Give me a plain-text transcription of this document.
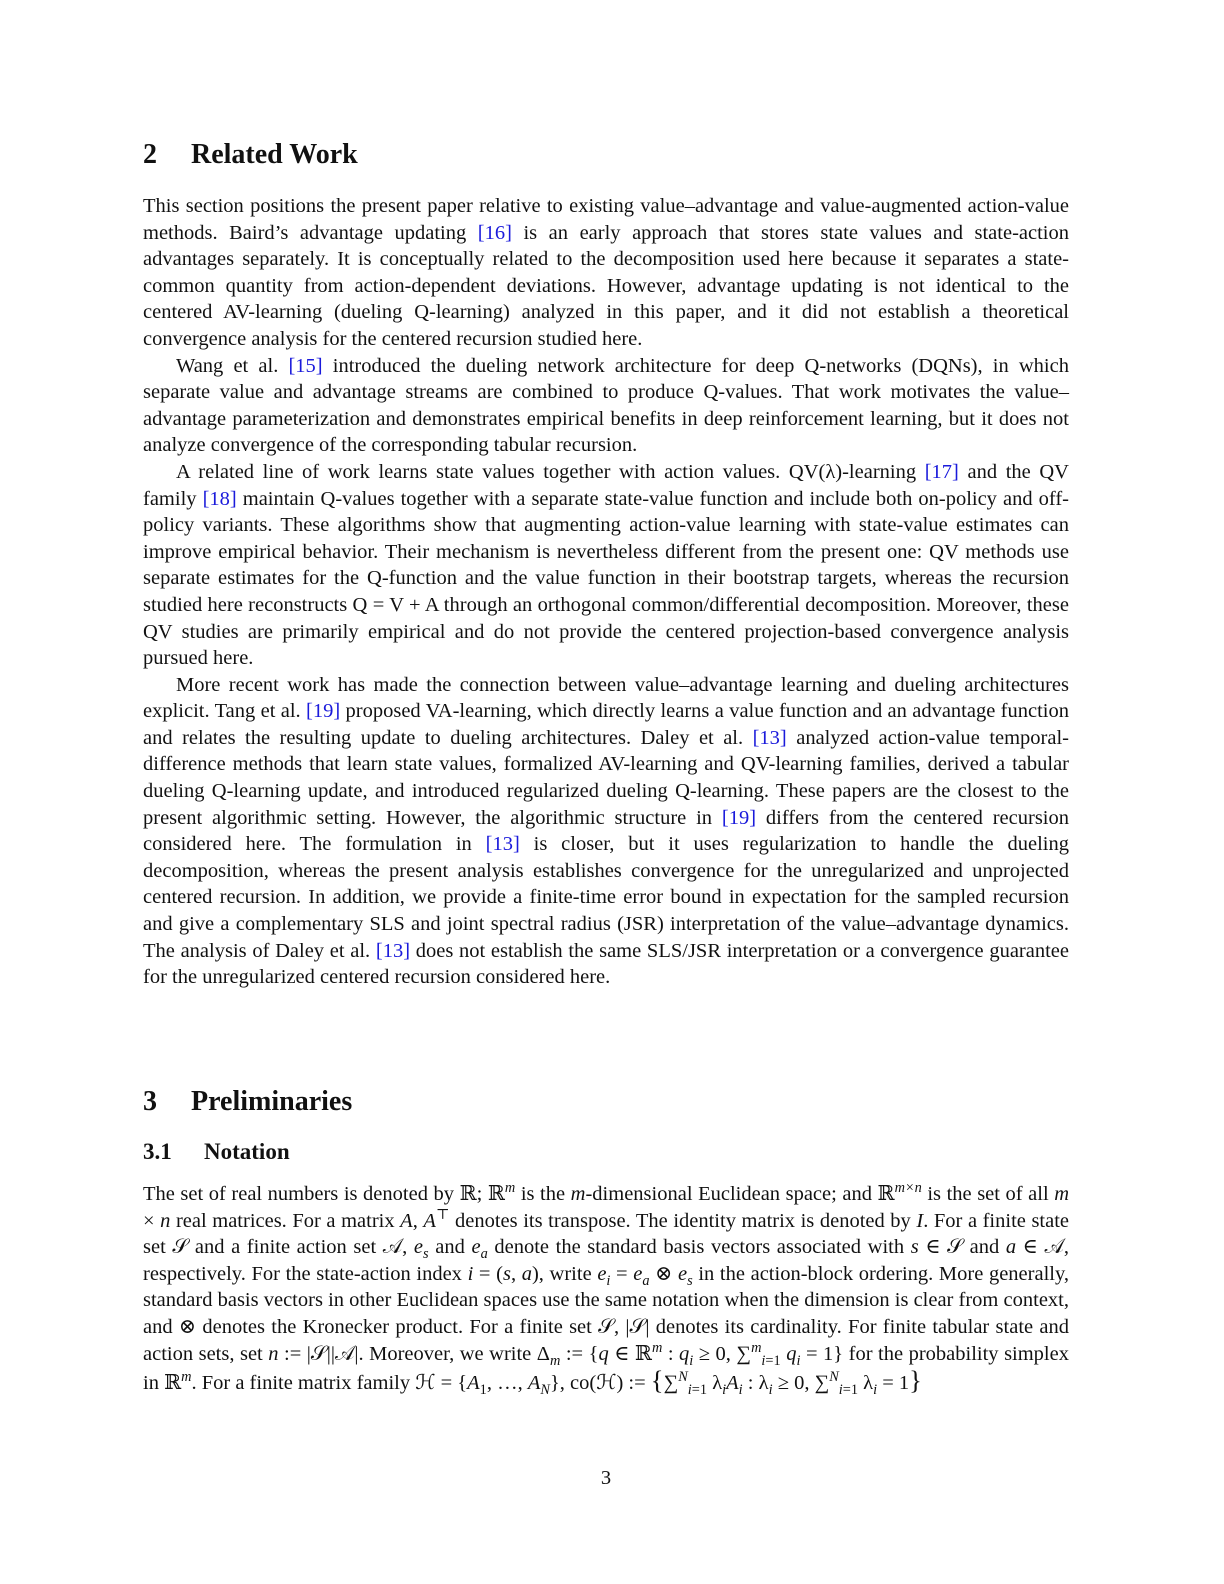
2 Related Work

This section positions the present paper relative to existing value–advantage and value-augmented action-value methods. Baird’s advantage updating [16] is an early approach that stores state values and state-action advantages separately. It is conceptually related to the decomposition used here because it separates a state-common quantity from action-dependent deviations. However, advantage updating is not identical to the centered AV-learning (dueling Q-learning) analyzed in this paper, and it did not establish a theoretical convergence analysis for the centered recursion studied here.

Wang et al. [15] introduced the dueling network architecture for deep Q-networks (DQNs), in which separate value and advantage streams are combined to produce Q-values. That work motivates the value–advantage parameterization and demonstrates empirical benefits in deep reinforcement learning, but it does not analyze convergence of the corresponding tabular recursion.

A related line of work learns state values together with action values. QV(λ)-learning [17] and the QV family [18] maintain Q-values together with a separate state-value function and include both on-policy and off-policy variants. These algorithms show that augmenting action-value learning with state-value estimates can improve empirical behavior. Their mechanism is nevertheless different from the present one: QV methods use separate estimates for the Q-function and the value function in their bootstrap targets, whereas the recursion studied here reconstructs Q = V + A through an orthogonal common/differential decomposition. Moreover, these QV studies are primarily empirical and do not provide the centered projection-based convergence analysis pursued here.

More recent work has made the connection between value–advantage learning and dueling architectures explicit. Tang et al. [19] proposed VA-learning, which directly learns a value function and an advantage function and relates the resulting update to dueling architectures. Daley et al. [13] analyzed action-value temporal-difference methods that learn state values, formalized AV-learning and QV-learning families, derived a tabular dueling Q-learning update, and introduced regularized dueling Q-learning. These papers are the closest to the present algorithmic setting. However, the algorithmic structure in [19] differs from the centered recursion considered here. The formulation in [13] is closer, but it uses regularization to handle the dueling decomposition, whereas the present analysis establishes convergence for the unregularized and unprojected centered recursion. In addition, we provide a finite-time error bound in expectation for the sampled recursion and give a complementary SLS and joint spectral radius (JSR) interpretation of the value–advantage dynamics. The analysis of Daley et al. [13] does not establish the same SLS/JSR interpretation or a convergence guarantee for the unregularized centered recursion considered here.

3 Preliminaries
3.1 Notation

The set of real numbers is denoted by ℝ; ℝ$^m$ is the m-dimensional Euclidean space; and ℝ$^{m\times n}$ is the set of all m × n real matrices. For a matrix A, A⊤ denotes its transpose. The identity matrix is denoted by I. For a finite state set 𝒮 and a finite action set 𝒜, $e_s$ and $e_a$ denote the standard basis vectors associated with s ∈ 𝒮 and a ∈ 𝒜, respectively. For the state-action index i = (s, a), write $e_i = e_a$ ⊗ $e_s$ in the action-block ordering. More generally, standard basis vectors in other Euclidean spaces use the same notation when the dimension is clear from context, and ⊗ denotes the Kronecker product. For a finite set 𝒮, |𝒮| denotes its cardinality. For finite tabular state and action sets, set n := |𝒮||𝒜|. Moreover, we write $\Delta_m$ := {q ∈ ℝ$^m$ : $q_i \ge 0$, ∑$^m_{i=1}$ $q_i = 1$} for the probability simplex in ℝ$^m$. For a finite matrix family ℋ = {$A_1$, …, $A_N$}, co(ℋ) := {∑$^N_{i=1}$ $\lambda_iA_i$ : $\lambda_i \ge 0$, ∑$^N_{i=1}$ $\lambda_i = 1$}

3
